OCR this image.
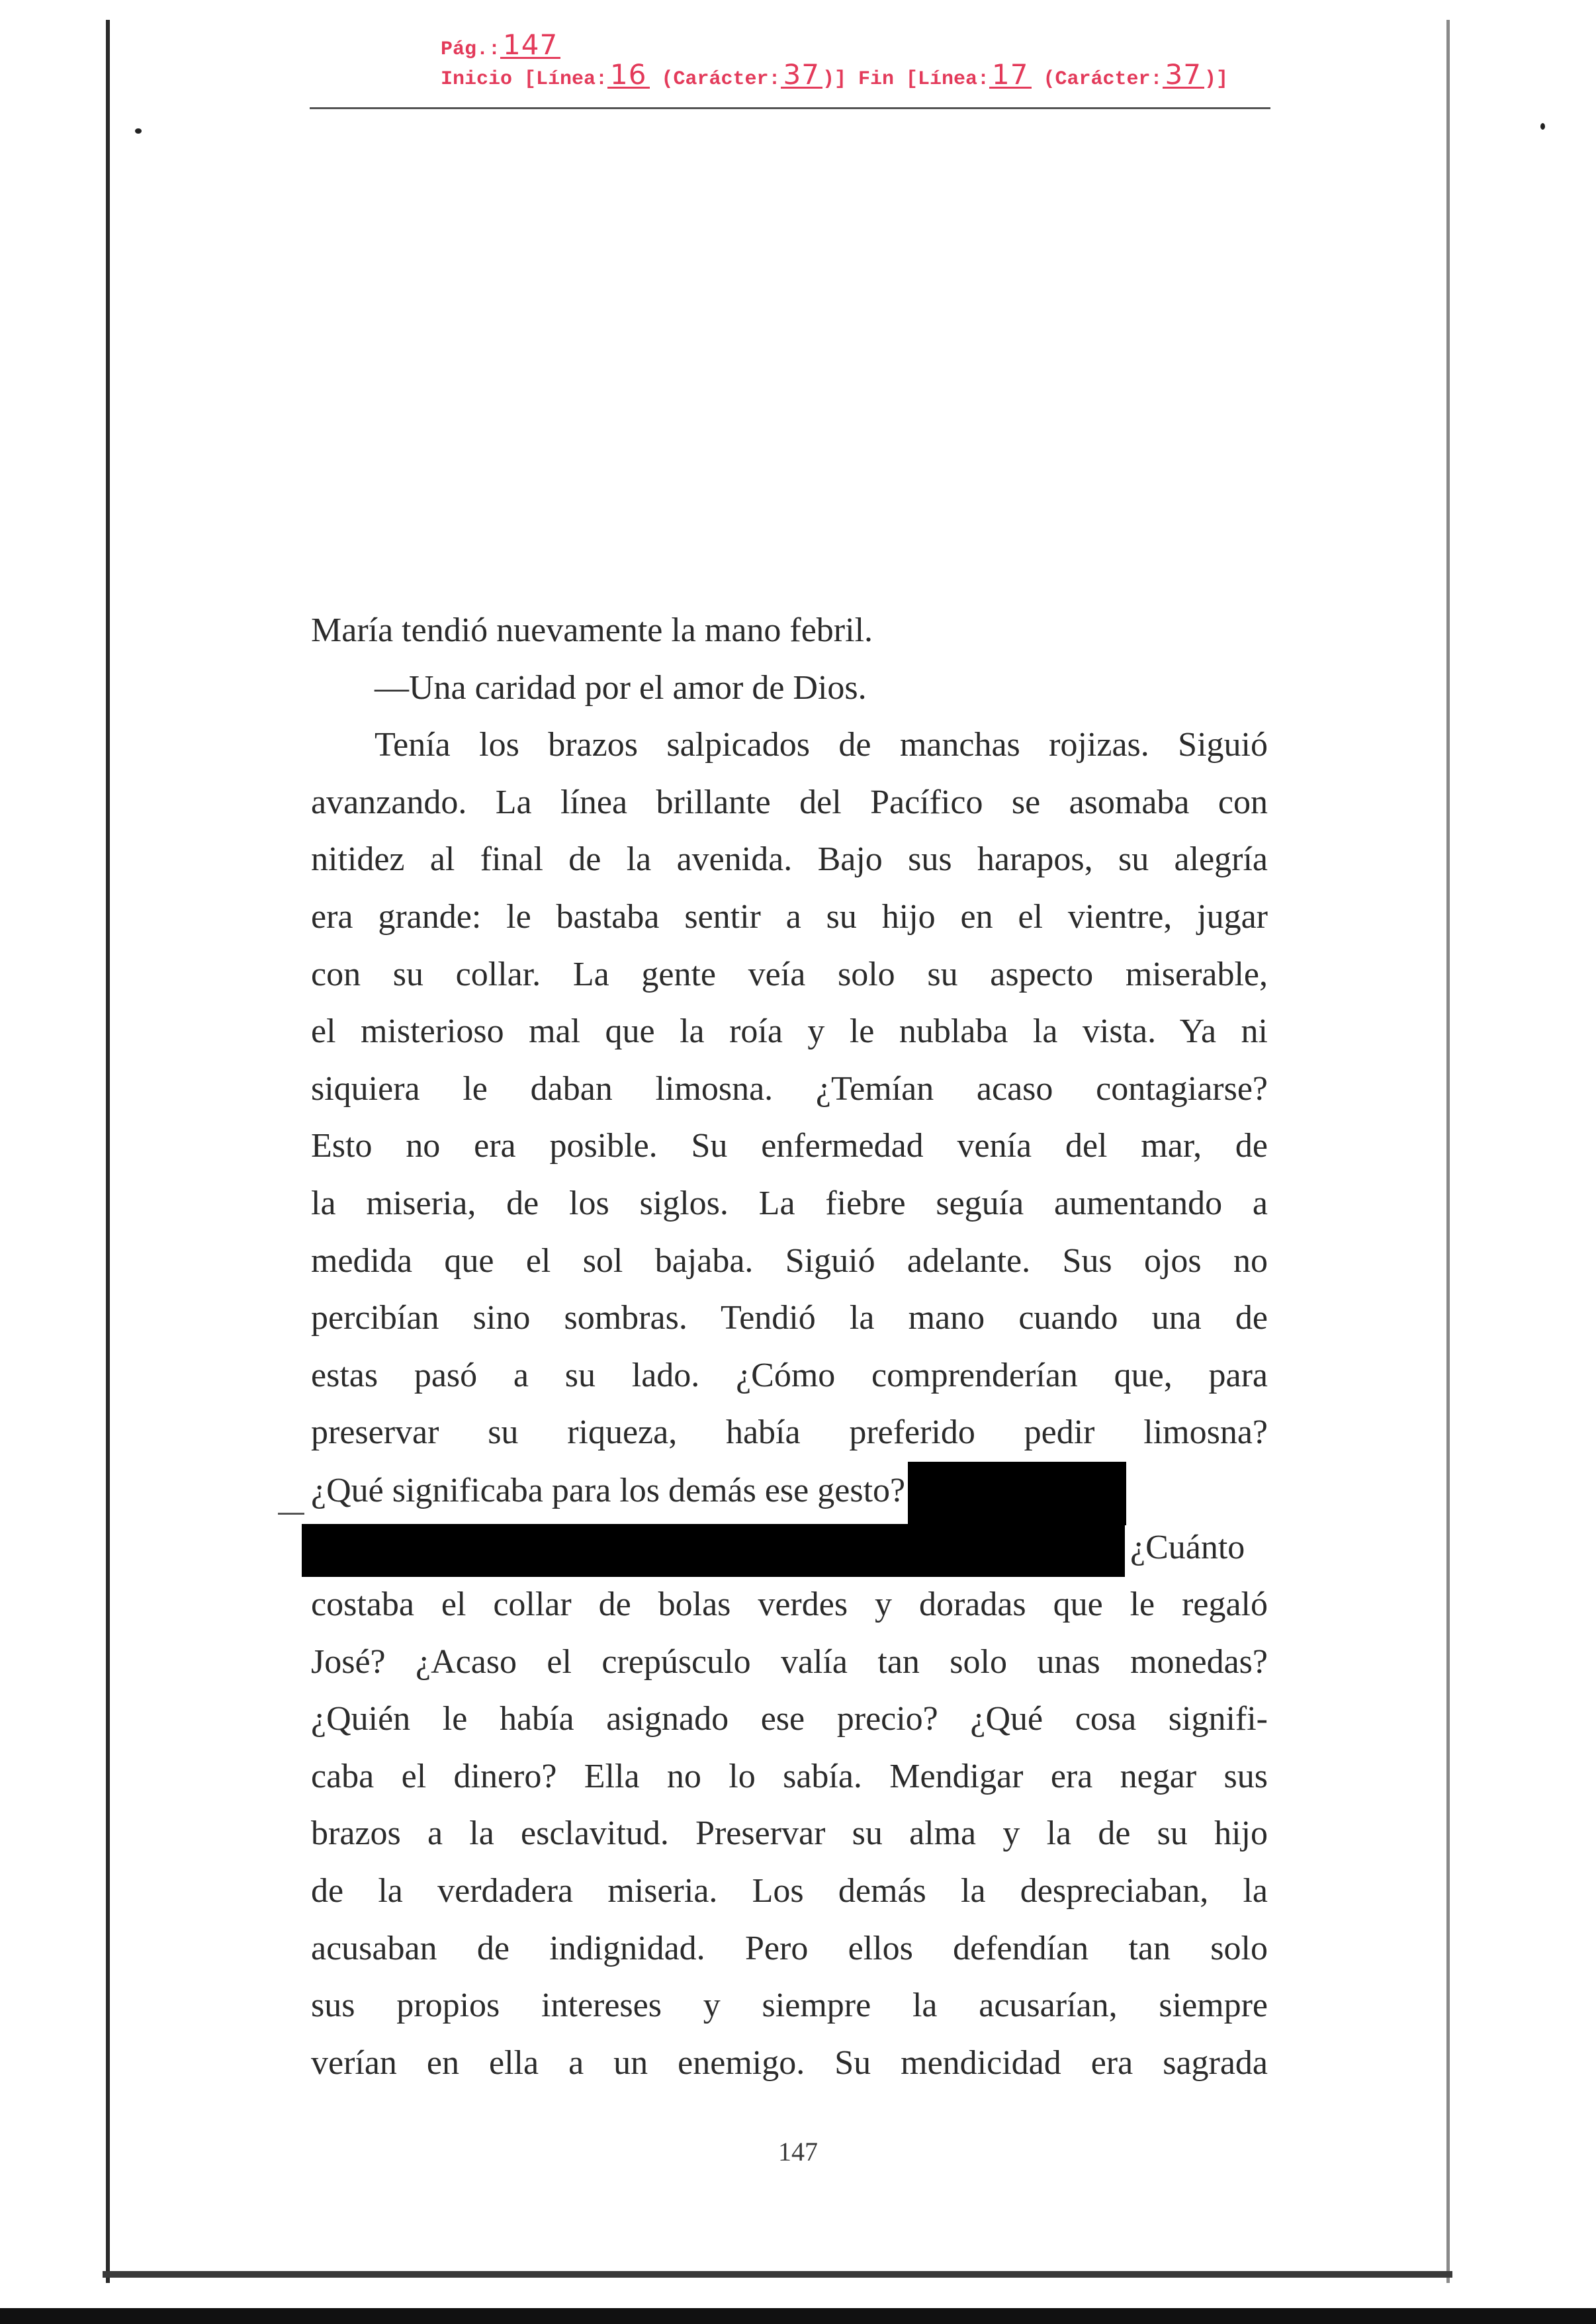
Pág.:147
Inicio [Línea:16 (Carácter:37 )] Fin [Línea:17 (Carácter:37 )]
María tendió nuevamente la mano febril.
—Una caridad por el amor de Dios.
Tenía los brazos salpicados de manchas rojizas. Siguió
avanzando. La línea brillante del Pacífico se asomaba con
nitidez al final de la avenida. Bajo sus harapos, su alegría
era grande: le bastaba sentir a su hijo en el vientre, jugar
con su collar. La gente veía solo su aspecto miserable,
el misterioso mal que la roía y le nublaba la vista. Ya ni
siquiera le daban limosna. ¿Temían acaso contagiarse?
Esto no era posible. Su enfermedad venía del mar, de
la miseria, de los siglos. La fiebre seguía aumentando a
medida que el sol bajaba. Siguió adelante. Sus ojos no
percibían sino sombras. Tendió la mano cuando una de
estas pasó a su lado. ¿Cómo comprenderían que, para
preservar su riqueza, había preferido pedir limosna?
¿Qué significaba para los demás ese gesto?
¿Cuánto
costaba el collar de bolas verdes y doradas que le regaló
José? ¿Acaso el crepúsculo valía tan solo unas monedas?
¿Quién le había asignado ese precio? ¿Qué cosa signifi-
caba el dinero? Ella no lo sabía. Mendigar era negar sus
brazos a la esclavitud. Preservar su alma y la de su hijo
de la verdadera miseria. Los demás la despreciaban, la
acusaban de indignidad. Pero ellos defendían tan solo
sus propios intereses y siempre la acusarían, siempre
verían en ella a un enemigo. Su mendicidad era sagrada
147
